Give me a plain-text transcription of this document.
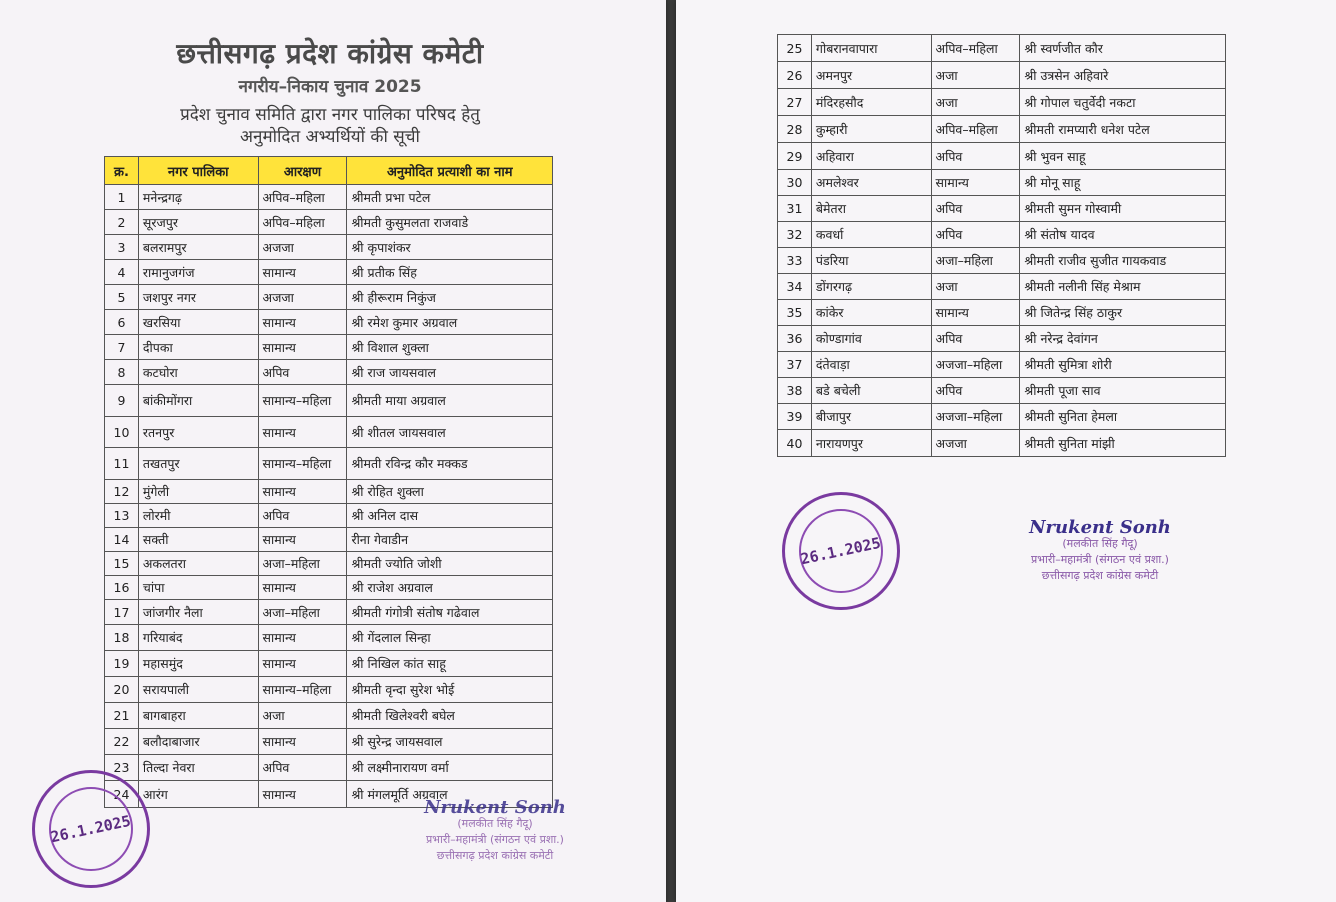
छत्तीसगढ़ प्रदेश कांग्रेस कमेटी
नगरीय–निकाय चुनाव 2025
प्रदेश चुनाव समिति द्वारा नगर पालिका परिषद हेतु
अनुमोदित अभ्यर्थियों की सूची
क्र.	नगर पालिका	आरक्षण	अनुमोदित प्रत्याशी का नाम
1	मनेन्द्रगढ़	अपिव–महिला	श्रीमती प्रभा पटेल
2	सूरजपुर	अपिव–महिला	श्रीमती कुसुमलता राजवाडे
3	बलरामपुर	अजजा	श्री कृपाशंकर
4	रामानुजगंज	सामान्य	श्री प्रतीक सिंह
5	जशपुर नगर	अजजा	श्री हीरूराम निकुंज
6	खरसिया	सामान्य	श्री रमेश कुमार अग्रवाल
7	दीपका	सामान्य	श्री विशाल शुक्ला
8	कटघोरा	अपिव	श्री राज जायसवाल
9	बांकीमोंगरा	सामान्य–महिला	श्रीमती माया अग्रवाल
10	रतनपुर	सामान्य	श्री शीतल जायसवाल
11	तखतपुर	सामान्य–महिला	श्रीमती रविन्द्र कौर मक्कड
12	मुंगेली	सामान्य	श्री रोहित शुक्ला
13	लोरमी	अपिव	श्री अनिल दास
14	सक्ती	सामान्य	रीना गेवाडीन
15	अकलतरा	अजा–महिला	श्रीमती ज्योति जोशी
16	चांपा	सामान्य	श्री राजेश अग्रवाल
17	जांजगीर नैला	अजा–महिला	श्रीमती गंगोत्री संतोष गढेवाल
18	गरियाबंद	सामान्य	श्री गेंदलाल सिन्हा
19	महासमुंद	सामान्य	श्री निखिल कांत साहू
20	सरायपाली	सामान्य–महिला	श्रीमती वृन्दा सुरेश भोई
21	बागबाहरा	अजा	श्रीमती खिलेश्वरी बघेल
22	बलौदाबाजार	सामान्य	श्री सुरेन्द्र जायसवाल
23	तिल्दा नेवरा	अपिव	श्री लक्ष्मीनारायण वर्मा
24	आरंग	सामान्य	श्री मंगलमूर्ति अग्रवाल
26.1.2025
Nrukent Sonh
(मलकीत सिंह गैदू)
प्रभारी–महामंत्री (संगठन एवं प्रशा.)
छत्तीसगढ़ प्रदेश कांग्रेस कमेटी
25	गोबरानवापारा	अपिव–महिला	श्री स्वर्णजीत कौर
26	अमनपुर	अजा	श्री उत्रसेन अहिवारे
27	मंदिरहसौद	अजा	श्री गोपाल चतुर्वेदी नकटा
28	कुम्हारी	अपिव–महिला	श्रीमती रामप्यारी धनेश पटेल
29	अहिवारा	अपिव	श्री भुवन साहू
30	अमलेश्वर	सामान्य	श्री मोनू साहू
31	बेमेतरा	अपिव	श्रीमती सुमन गोस्वामी
32	कवर्धा	अपिव	श्री संतोष यादव
33	पंडरिया	अजा–महिला	श्रीमती राजीव सुजीत गायकवाड
34	डोंगरगढ़	अजा	श्रीमती नलीनी सिंह मेश्राम
35	कांकेर	सामान्य	श्री जितेन्द्र सिंह ठाकुर
36	कोण्डागांव	अपिव	श्री नरेन्द्र देवांगन
37	दंतेवाड़ा	अजजा–महिला	श्रीमती सुमित्रा शोरी
38	बडे बचेली	अपिव	श्रीमती पूजा साव
39	बीजापुर	अजजा–महिला	श्रीमती सुनिता हेमला
40	नारायणपुर	अजजा	श्रीमती सुनिता मांझी
26.1.2025
Nrukent Sonh
(मलकीत सिंह गैदू)
प्रभारी–महामंत्री (संगठन एवं प्रशा.)
छत्तीसगढ़ प्रदेश कांग्रेस कमेटी
